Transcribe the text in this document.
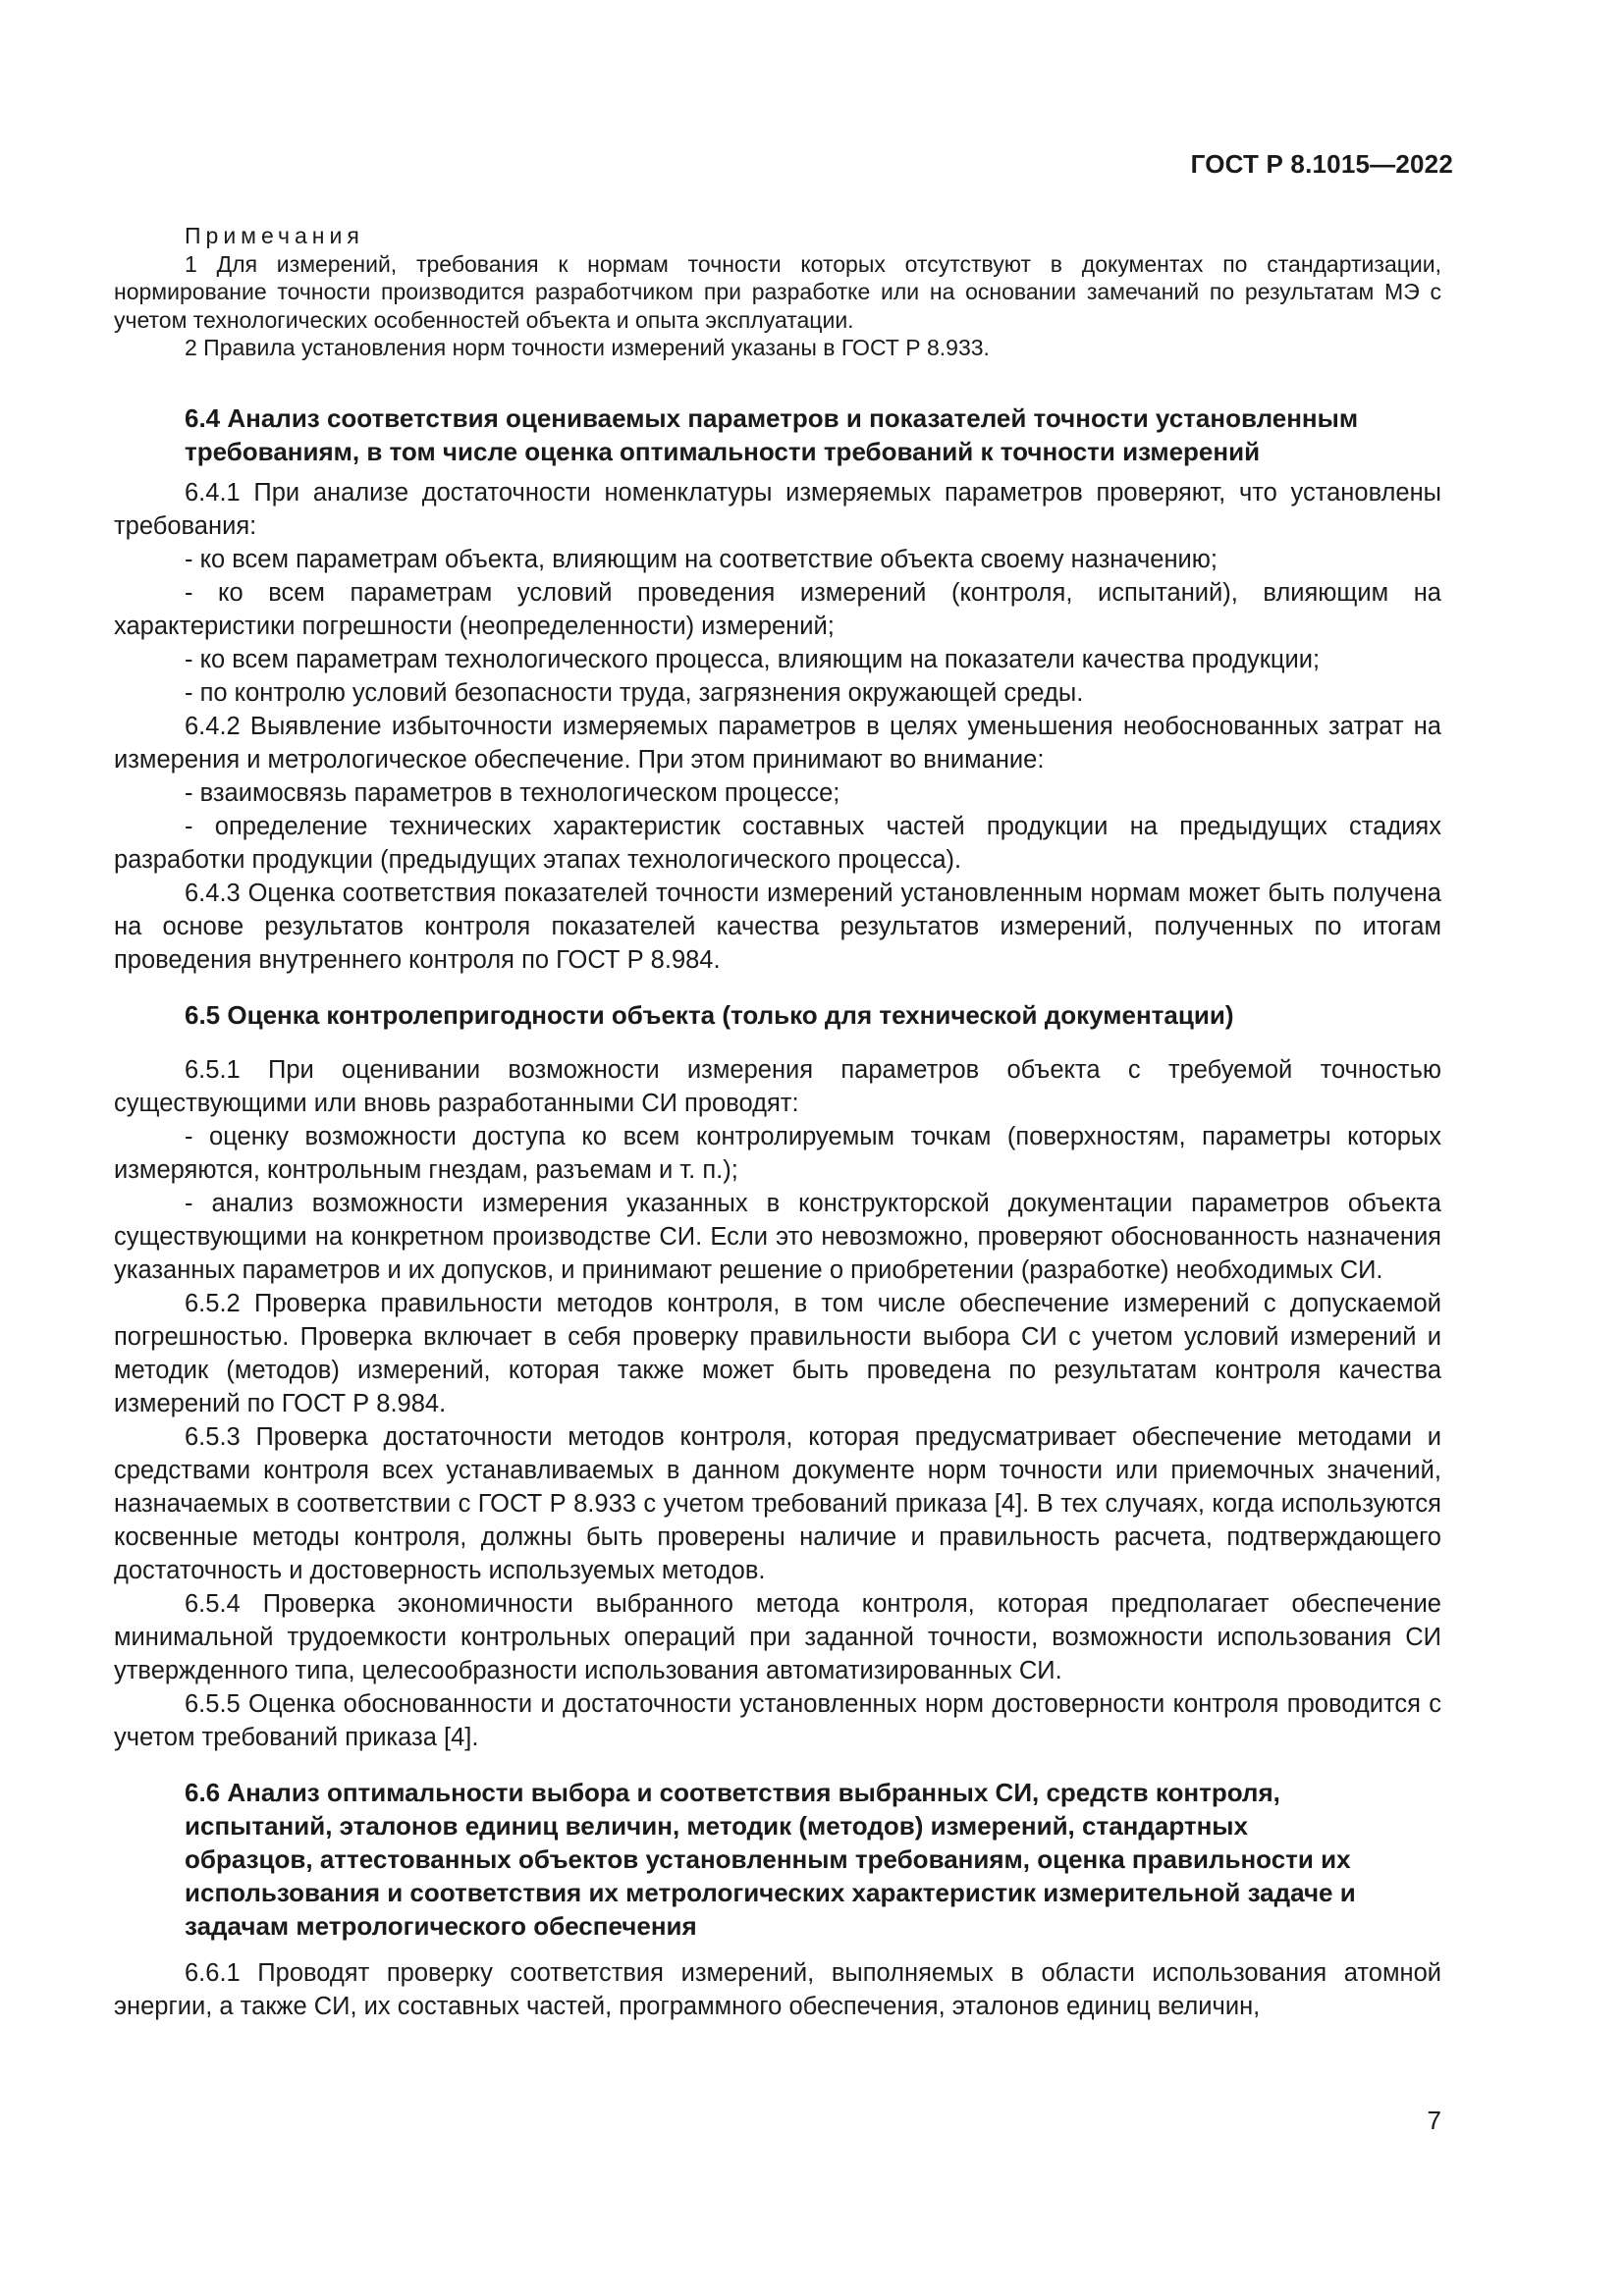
ГОСТ Р 8.1015—2022

Примечания

1 Для измерений, требования к нормам точности которых отсутствуют в документах по стандартизации, нормирование точности производится разработчиком при разработке или на основании замечаний по результатам МЭ с учетом технологических особенностей объекта и опыта эксплуатации.

2 Правила установления норм точности измерений указаны в ГОСТ Р 8.933.

6.4 Анализ соответствия оцениваемых параметров и показателей точности установленным требованиям, в том числе оценка оптимальности требований к точности измерений

6.4.1 При анализе достаточности номенклатуры измеряемых параметров проверяют, что установлены требования:

- ко всем параметрам объекта, влияющим на соответствие объекта своему назначению;

- ко всем параметрам условий проведения измерений (контроля, испытаний), влияющим на характеристики погрешности (неопределенности) измерений;

- ко всем параметрам технологического процесса, влияющим на показатели качества продукции;

- по контролю условий безопасности труда, загрязнения окружающей среды.

6.4.2 Выявление избыточности измеряемых параметров в целях уменьшения необоснованных затрат на измерения и метрологическое обеспечение. При этом принимают во внимание:

- взаимосвязь параметров в технологическом процессе;

- определение технических характеристик составных частей продукции на предыдущих стадиях разработки продукции (предыдущих этапах технологического процесса).

6.4.3 Оценка соответствия показателей точности измерений установленным нормам может быть получена на основе результатов контроля показателей качества результатов измерений, полученных по итогам проведения внутреннего контроля по ГОСТ Р 8.984.

6.5 Оценка контролепригодности объекта (только для технической документации)

6.5.1 При оценивании возможности измерения параметров объекта с требуемой точностью существующими или вновь разработанными СИ проводят:

- оценку возможности доступа ко всем контролируемым точкам (поверхностям, параметры которых измеряются, контрольным гнездам, разъемам и т. п.);

- анализ возможности измерения указанных в конструкторской документации параметров объекта существующими на конкретном производстве СИ. Если это невозможно, проверяют обоснованность назначения указанных параметров и их допусков, и принимают решение о приобретении (разработке) необходимых СИ.

6.5.2 Проверка правильности методов контроля, в том числе обеспечение измерений с допускаемой погрешностью. Проверка включает в себя проверку правильности выбора СИ с учетом условий измерений и методик (методов) измерений, которая также может быть проведена по результатам контроля качества измерений по ГОСТ Р 8.984.

6.5.3 Проверка достаточности методов контроля, которая предусматривает обеспечение методами и средствами контроля всех устанавливаемых в данном документе норм точности или приемочных значений, назначаемых в соответствии с ГОСТ Р 8.933 с учетом требований приказа [4]. В тех случаях, когда используются косвенные методы контроля, должны быть проверены наличие и правильность расчета, подтверждающего достаточность и достоверность используемых методов.

6.5.4 Проверка экономичности выбранного метода контроля, которая предполагает обеспечение минимальной трудоемкости контрольных операций при заданной точности, возможности использования СИ утвержденного типа, целесообразности использования автоматизированных СИ.

6.5.5 Оценка обоснованности и достаточности установленных норм достоверности контроля проводится с учетом требований приказа [4].

6.6 Анализ оптимальности выбора и соответствия выбранных СИ, средств контроля, испытаний, эталонов единиц величин, методик (методов) измерений, стандартных образцов, аттестованных объектов установленным требованиям, оценка правильности их использования и соответствия их метрологических характеристик измерительной задаче и задачам метрологического обеспечения

6.6.1 Проводят проверку соответствия измерений, выполняемых в области использования атомной энергии, а также СИ, их составных частей, программного обеспечения, эталонов единиц величин,

7
